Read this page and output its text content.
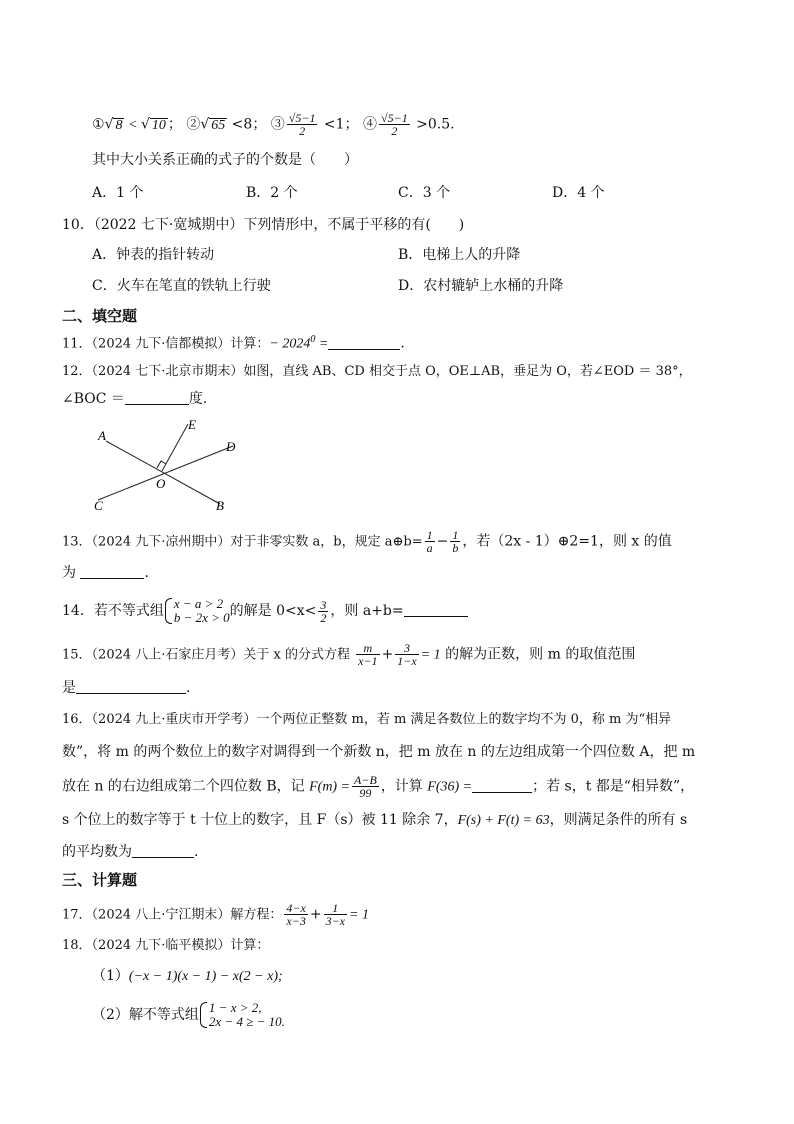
①√ 8 < √ 10 ； ②√ 65 <8； ③ $\frac{√5-1}{2} <1$； ④ $\frac{√5-1}{2} >0.5$.
其中大小关系正确的式子的个数是（　　）
A．1 个	B．2 个	C．3 个	D．4 个
10．（2022 七下·宽城期中）下列情形中，不属于平移的有(　　)
A．钟表的指针转动	B．电梯上人的升降
C．火车在笔直的铁轨上行驶	D．农村辘轳上水桶的升降
二、填空题
11．（2024 九下·信都模拟）计算：− $2024^0$ =	.
12．（2024 七下·北京市期末）如图，直线 AB、CD 相交于点 O，OE⊥AB，垂足为 O，若∠EOD ＝ 38°，
∠BOC ＝	度.
A
E
D
O
C	B
13．（2024 九下·凉州期中）对于非零实数 a，b，规定 a⊕b= $\frac{1}{a} - \frac{1}{b}$ ，若（2x - 1）⊕2=1，则 x 的值
为	.
14．若不等式组 x − a > 2
b − 2x > 0 的解是 $0<x< \frac{3}{2}$ ，则 a+b=
15．（2024 八上·石家庄月考）关于 x 的分式方程 $\frac{m}{x-1} + \frac{3}{1-x} = 1$ 的解为正数，则 m 的取值范围
是	.
16．（2024 九上·重庆市开学考）一个两位正整数 m，若 m 满足各数位上的数字均不为 0，称 m 为“相异
数”，将 m 的两个数位上的数字对调得到一个新数 n，把 m 放在 n 的左边组成第一个四位数 A，把 m
放在 n 的右边组成第二个四位数 B，记 $F(m) = \frac{A-B}{99}$ ，计算 F(36) =	；若 s，t 都是“相异数”，
s 个位上的数字等于 t 十位上的数字，且 F（s）被 11 除余 7，F(s) + F(t) = 63，则满足条件的所有 s
的平均数为	.
三、计算题
17．（2024 八上·宁江期末）解方程： $\frac{4-x}{x-3} + \frac{1}{3-x} = 1$
18．（2024 九下·临平模拟）计算：
（1）(−x − 1)(x − 1) − x(2 − x);
（2）解不等式组 1 − x > 2,
2x − 4 ≥ − 10.
